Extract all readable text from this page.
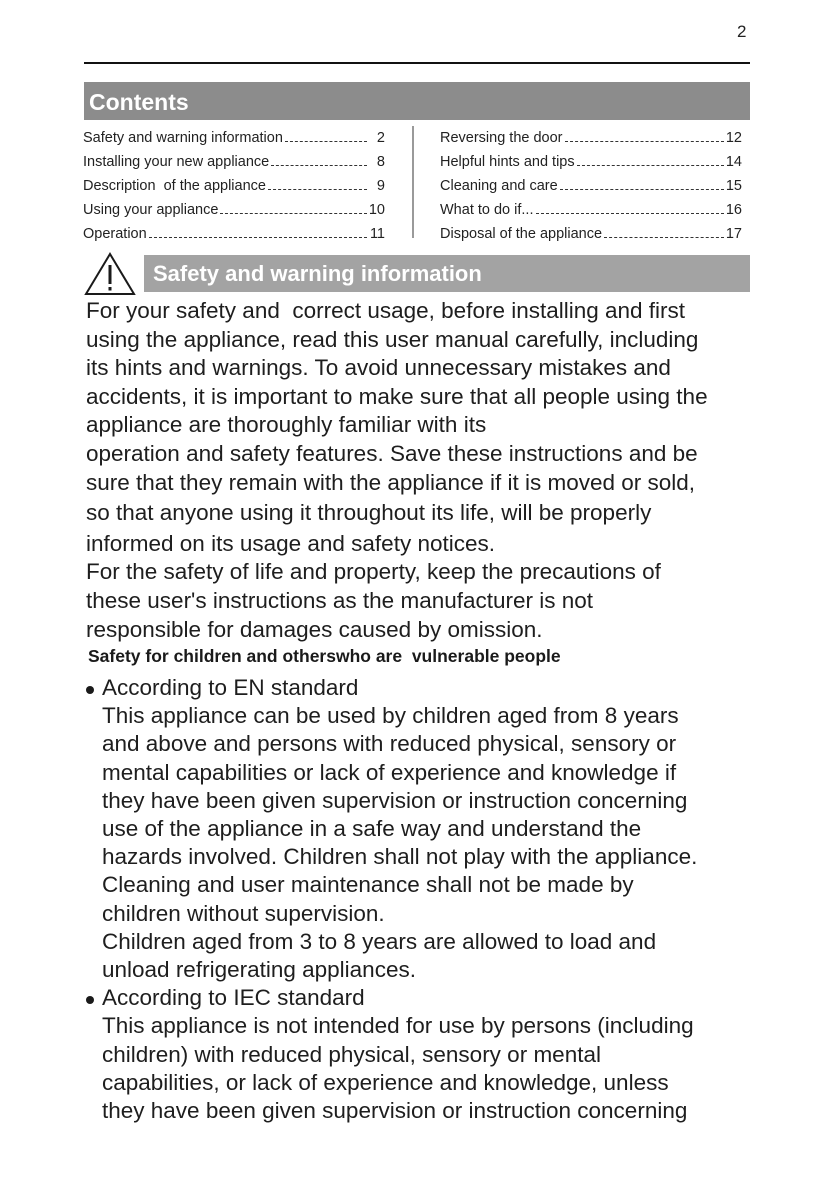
2
Contents
Safety and warning information	2
Installing your new appliance	8
Description  of the appliance	9
Using your appliance	10
Operation	11
Reversing the door	12
Helpful hints and tips	14
Cleaning and care	15
What to do if...	16
Disposal of the appliance	17
Safety and warning information

For your safety and  correct usage, before installing and first

using the appliance, read this user manual carefully, including

its hints and warnings. To avoid unnecessary mistakes and

accidents, it is important to make sure that all people using the

appliance are thoroughly familiar with its

operation and safety features. Save these instructions and be

sure that they remain with the appliance if it is moved or sold,

so that anyone using it throughout its life, will be properly

informed on its usage and safety notices.

For the safety of life and property, keep the precautions of

these user's instructions as the manufacturer is not

responsible for damages caused by omission.

Safety for children and otherswho are  vulnerable people

According to EN standard

This appliance can be used by children aged from 8 years

and above and persons with reduced physical, sensory or

mental capabilities or lack of experience and knowledge if

they have been given supervision or instruction concerning

use of the appliance in a safe way and understand the

hazards involved. Children shall not play with the appliance.

Cleaning and user maintenance shall not be made by

children without supervision.

Children aged from 3 to 8 years are allowed to load and

unload refrigerating appliances.

According to IEC standard

This appliance is not intended for use by persons (including

children) with reduced physical, sensory or mental

capabilities, or lack of experience and knowledge, unless

they have been given supervision or instruction concerning
